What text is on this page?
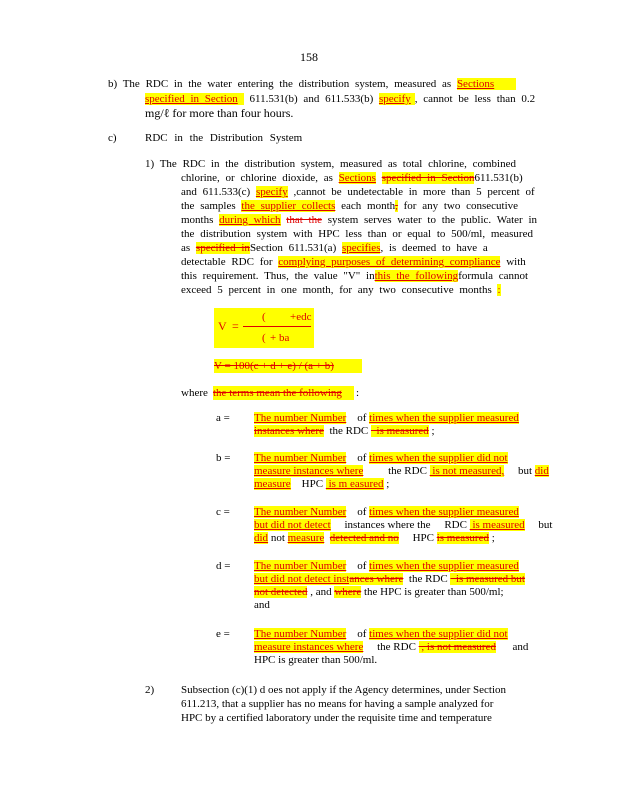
158
b) The RDC in the water entering the distribution system, measured as Sections
specified in Section 611.531(b) and 611.533(b) specify , cannot be less than 0.2
mg/ℓ for more than four hours.
c)	RDC in the Distribution System
1) The RDC in the distribution system, measured as total chlorine, combined
chlorine, or chlorine dioxide, as Sections specified in Section611.531(b)
and 611.533(c) specify ,cannot be undetectable in more than 5 percent of
the samples the supplier collects each month, for any two consecutive
months during which that the system serves water to the public. Water in
the distribution system with HPC less than or equal to 500/ml, measured
as specified inSection 611.531(a) specifies, is deemed to have a
detectable RDC for complying purposes of determining compliance with
this requirement. Thus, the value "V" inthis the followingformula cannot
exceed 5 percent in one month, for any two consecutive months :
V =
( +edc
( + ba
V = 100(c + d + e) / (a + b)
where the terms mean the following	:
a = The number Number    of times when the supplier measured
instances where  the RDC   is measured ;
b = The number Number    of times when the supplier did not
measure instances where         the RDC  is not measured,     but did
measure    HPC  is m easured ;
c = The number Number    of times when the supplier measured
but did not detect     instances where the     RDC  is measured     but
did not measure detected and no     HPC is measured ;
d = The number Number    of times when the supplier measured
but did not detect instances where  the RDC   is measured but
not detected , and where the HPC is greater than 500/ml;
and
e = The number Number    of times when the supplier did not
measure instances where     the RDC  , is not measured      and
HPC is greater than 500/ml.
2) Subsection (c)(1) d oes not apply if the Agency determines, under Section
611.213, that a supplier has no means for having a sample analyzed for
HPC by a certified laboratory under the requisite time and temperature
